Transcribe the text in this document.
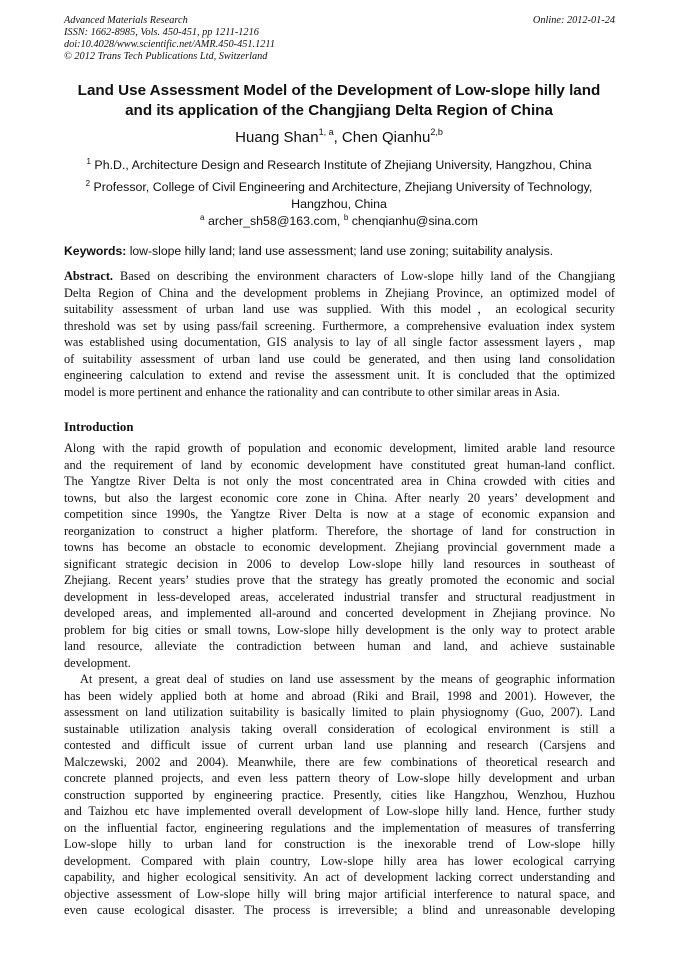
Advanced Materials Research
ISSN: 1662-8985, Vols. 450-451, pp 1211-1216
doi:10.4028/www.scientific.net/AMR.450-451.1211
© 2012 Trans Tech Publications Ltd, Switzerland
Online: 2012-01-24
Land Use Assessment Model of the Development of Low-slope hilly land
and its application of the Changjiang Delta Region of China
Huang Shan$^{1, a}$, Chen Qianhu$^{2,b}$
$^1$ Ph.D., Architecture Design and Research Institute of Zhejiang University, Hangzhou, China
$^2$ Professor, College of Civil Engineering and Architecture, Zhejiang University of Technology,
Hangzhou, China
$^a$ archer_sh58@163.com, $^b$ chenqianhu@sina.com
Keywords: low-slope hilly land; land use assessment; land use zoning; suitability analysis.
Abstract. Based on describing the environment characters of Low-slope hilly land of the Changjiang
Delta Region of China and the development problems in Zhejiang Province, an optimized model of
suitability assessment of urban land use was supplied. With this model，an ecological security
threshold was set by using pass/fail screening. Furthermore, a comprehensive evaluation index system
was established using documentation, GIS analysis to lay of all single factor assessment layers，map
of suitability assessment of urban land use could be generated, and then using land consolidation
engineering calculation to extend and revise the assessment unit. It is concluded that the optimized
model is more pertinent and enhance the rationality and can contribute to other similar areas in Asia.
Introduction
Along with the rapid growth of population and economic development, limited arable land resource
and the requirement of land by economic development have constituted great human-land conflict.
The Yangtze River Delta is not only the most concentrated area in China crowded with cities and
towns, but also the largest economic core zone in China. After nearly 20 years’ development and
competition since 1990s, the Yangtze River Delta is now at a stage of economic expansion and
reorganization to construct a higher platform. Therefore, the shortage of land for construction in
towns has become an obstacle to economic development. Zhejiang provincial government made a
significant strategic decision in 2006 to develop Low-slope hilly land resources in southeast of
Zhejiang. Recent years’ studies prove that the strategy has greatly promoted the economic and social
development in less-developed areas, accelerated industrial transfer and structural readjustment in
developed areas, and implemented all-around and concerted development in Zhejiang province. No
problem for big cities or small towns, Low-slope hilly development is the only way to protect arable
land resource, alleviate the contradiction between human and land, and achieve sustainable
development.
At present, a great deal of studies on land use assessment by the means of geographic information
has been widely applied both at home and abroad (Riki and Brail, 1998 and 2001). However, the
assessment on land utilization suitability is basically limited to plain physiognomy (Guo, 2007). Land
sustainable utilization analysis taking overall consideration of ecological environment is still a
contested and difficult issue of current urban land use planning and research (Carsjens and
Malczewski, 2002 and 2004). Meanwhile, there are few combinations of theoretical research and
concrete planned projects, and even less pattern theory of Low-slope hilly development and urban
construction supported by engineering practice. Presently, cities like Hangzhou, Wenzhou, Huzhou
and Taizhou etc have implemented overall development of Low-slope hilly land. Hence, further study
on the influential factor, engineering regulations and the implementation of measures of transferring
Low-slope hilly to urban land for construction is the inexorable trend of Low-slope hilly
development. Compared with plain country, Low-slope hilly area has lower ecological carrying
capability, and higher ecological sensitivity. An act of development lacking correct understanding and
objective assessment of Low-slope hilly will bring major artificial interference to natural space, and
even cause ecological disaster. The process is irreversible; a blind and unreasonable developing
